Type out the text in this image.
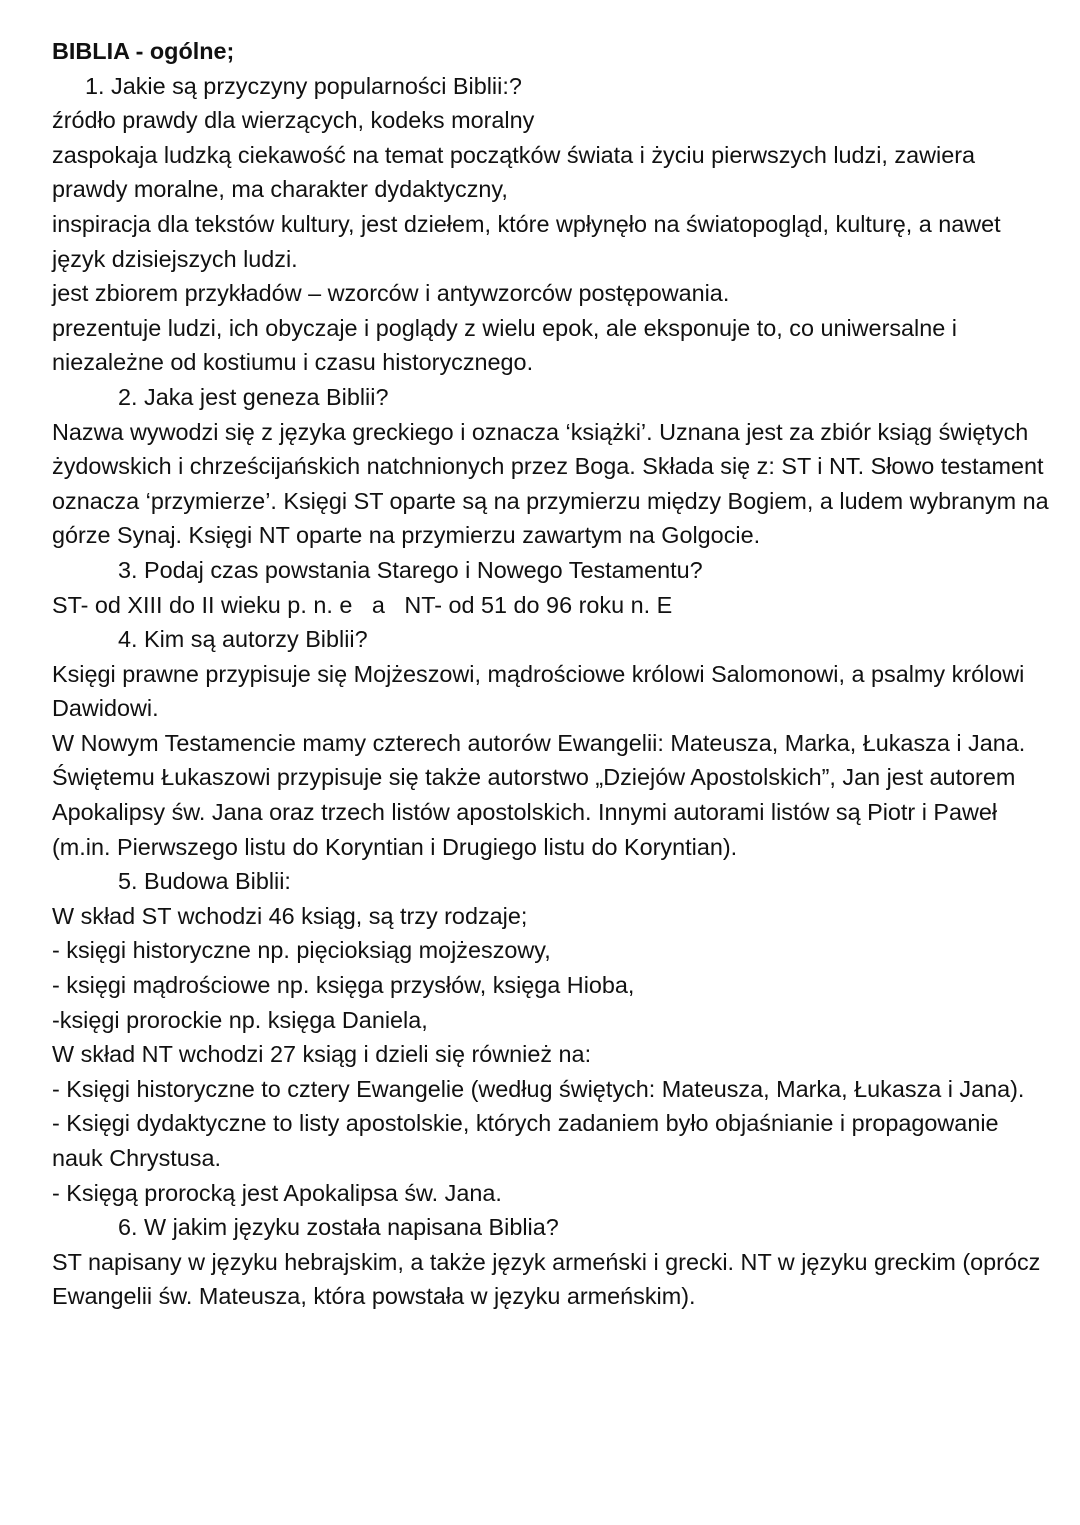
BIBLIA - ogólne;
1. Jakie są przyczyny popularności Biblii:?
źródło prawdy dla wierzących, kodeks moralny
zaspokaja ludzką ciekawość na temat początków świata i życiu pierwszych ludzi, zawiera prawdy moralne, ma charakter dydaktyczny,
inspiracja dla tekstów kultury, jest dziełem, które wpłynęło na światopogląd, kulturę, a nawet język dzisiejszych ludzi.
jest zbiorem przykładów – wzorców i antywzorców postępowania.
prezentuje ludzi, ich obyczaje i poglądy z wielu epok, ale eksponuje to, co uniwersalne i niezależne od kostiumu i czasu historycznego.
2. Jaka jest geneza Biblii?
Nazwa wywodzi się z języka greckiego i oznacza ‘książki’. Uznana jest za zbiór ksiąg świętych żydowskich i chrześcijańskich natchnionych przez Boga. Składa się z: ST i NT. Słowo testament oznacza ‘przymierze’. Księgi ST oparte są na przymierzu między Bogiem, a ludem wybranym na górze Synaj. Księgi NT oparte na przymierzu zawartym na Golgocie.
3. Podaj czas powstania Starego i Nowego Testamentu?
ST- od XIII do II wieku p. n. e   a   NT- od 51 do 96 roku n. E
4. Kim są autorzy Biblii?
Księgi prawne przypisuje się Mojżeszowi, mądrościowe królowi Salomonowi, a psalmy królowi Dawidowi.
W Nowym Testamencie mamy czterech autorów Ewangelii: Mateusza, Marka, Łukasza i Jana. Świętemu Łukaszowi przypisuje się także autorstwo „Dziejów Apostolskich”, Jan jest autorem Apokalipsy św. Jana oraz trzech listów apostolskich. Innymi autorami listów są Piotr i Paweł (m.in. Pierwszego listu do Koryntian i Drugiego listu do Koryntian).
5. Budowa Biblii:
W skład ST wchodzi 46 ksiąg, są trzy rodzaje;
- księgi historyczne np. pięcioksiąg mojżeszowy,
- księgi mądrościowe np. księga przysłów, księga Hioba,
-księgi prorockie np. księga Daniela,
W skład NT wchodzi 27 ksiąg i dzieli się również na:
- Księgi historyczne to cztery Ewangelie (według świętych: Mateusza, Marka, Łukasza i Jana).
- Księgi dydaktyczne to listy apostolskie, których zadaniem było objaśnianie i propagowanie nauk Chrystusa.
- Księgą prorocką jest Apokalipsa św. Jana.
6. W jakim języku została napisana Biblia?
ST napisany w języku hebrajskim, a także język armeński i grecki. NT w języku greckim (oprócz Ewangelii św. Mateusza, która powstała w języku armeńskim).
